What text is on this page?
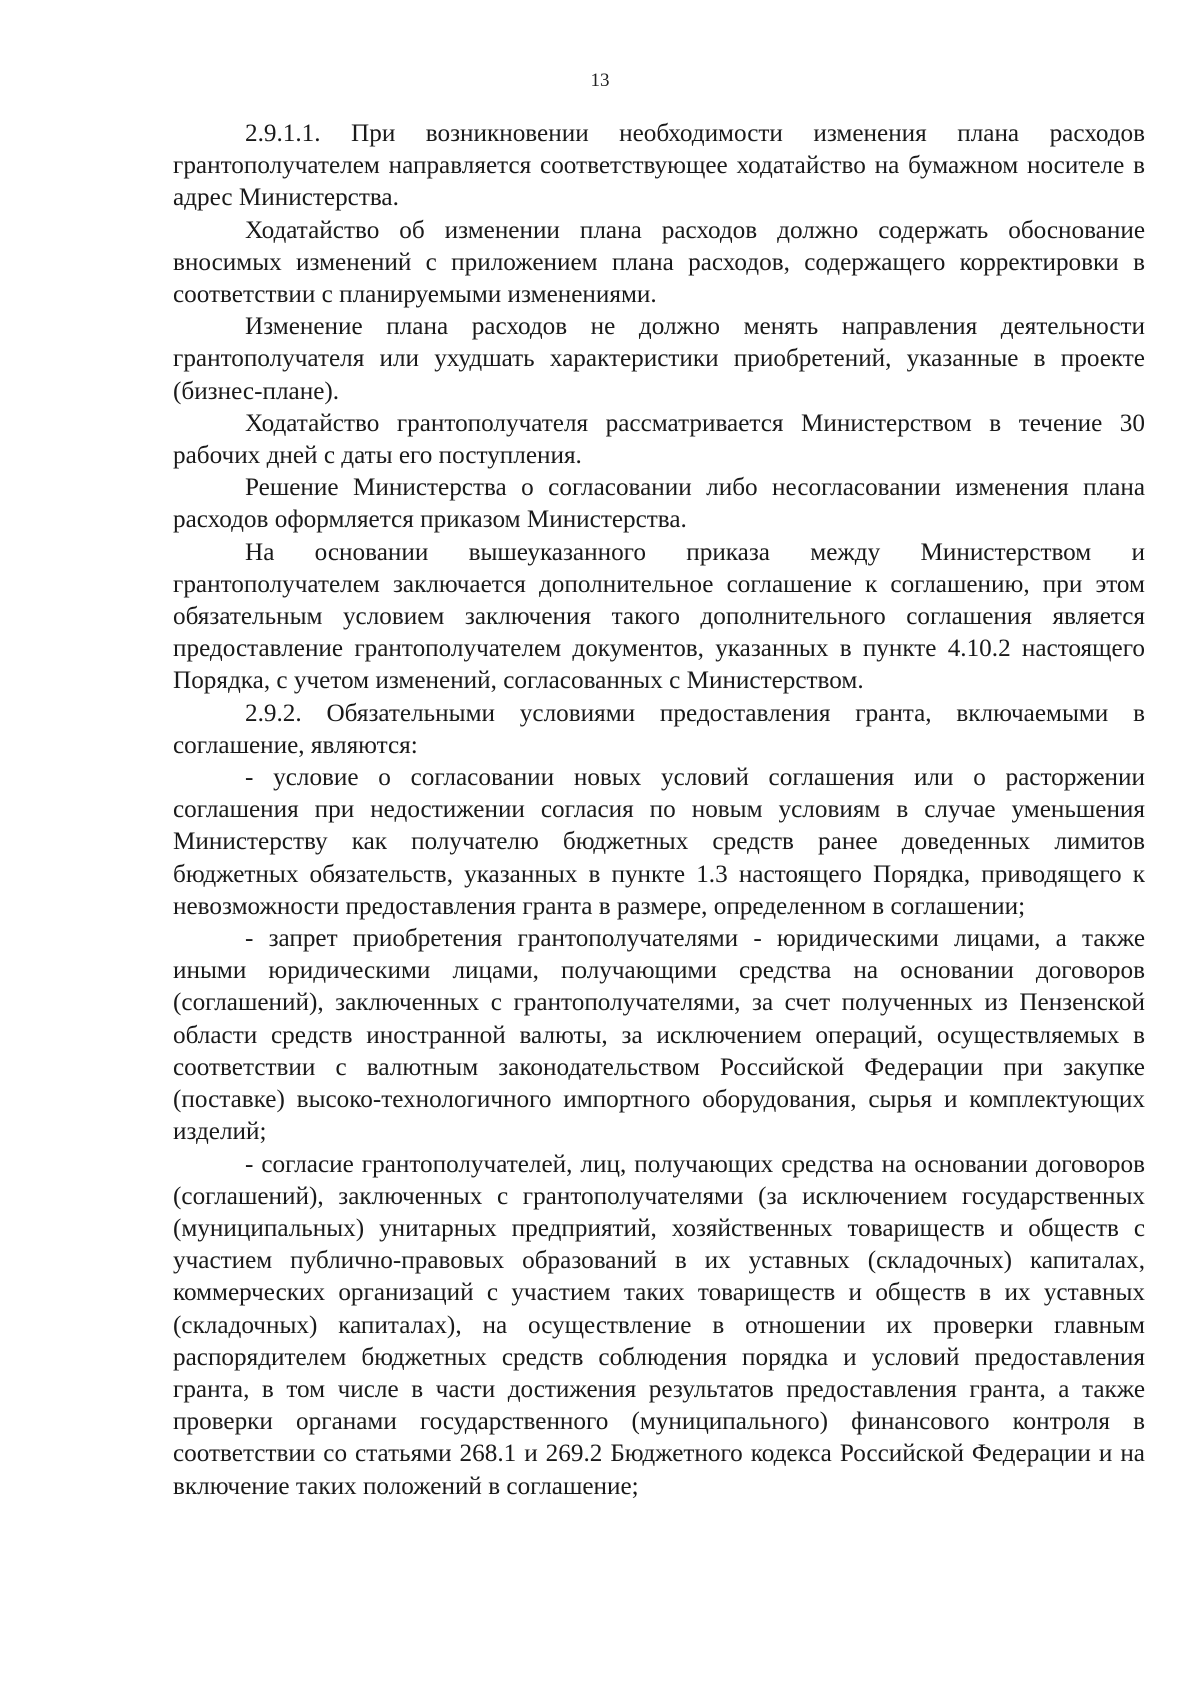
13

2.9.1.1. При возникновении необходимости изменения плана расходов грантополучателем направляется соответствующее ходатайство на бумажном носителе в адрес Министерства.

Ходатайство об изменении плана расходов должно содержать обоснование вносимых изменений с приложением плана расходов, содержащего корректировки в соответствии с планируемыми изменениями.

Изменение плана расходов не должно менять направления деятельности грантополучателя или ухудшать характеристики приобретений, указанные в проекте (бизнес-плане).

Ходатайство грантополучателя рассматривается Министерством в течение 30 рабочих дней с даты его поступления.

Решение Министерства о согласовании либо несогласовании изменения плана расходов оформляется приказом Министерства.

На основании вышеуказанного приказа между Министерством и грантополучателем заключается дополнительное соглашение к соглашению, при этом обязательным условием заключения такого дополнительного соглашения является предоставление грантополучателем документов, указанных в пункте 4.10.2 настоящего Порядка, с учетом изменений, согласованных с Министерством.

2.9.2. Обязательными условиями предоставления гранта, включаемыми в соглашение, являются:

- условие о согласовании новых условий соглашения или о расторжении соглашения при недостижении согласия по новым условиям в случае уменьшения Министерству как получателю бюджетных средств ранее доведенных лимитов бюджетных обязательств, указанных в пункте 1.3 настоящего Порядка, приводящего к невозможности предоставления гранта в размере, определенном в соглашении;

- запрет приобретения грантополучателями - юридическими лицами, а также иными юридическими лицами, получающими средства на основании договоров (соглашений), заключенных с грантополучателями, за счет полученных из Пензенской области средств иностранной валюты, за исключением операций, осуществляемых в соответствии с валютным законодательством Российской Федерации при закупке (поставке) высоко-технологичного импортного оборудования, сырья и комплектующих изделий;

- согласие грантополучателей, лиц, получающих средства на основании договоров (соглашений), заключенных с грантополучателями (за исключением государственных (муниципальных) унитарных предприятий, хозяйственных товариществ и обществ с участием публично-правовых образований в их уставных (складочных) капиталах, коммерческих организаций с участием таких товариществ и обществ в их уставных (складочных) капиталах), на осуществление в отношении их проверки главным распорядителем бюджетных средств соблюдения порядка и условий предоставления гранта, в том числе в части достижения результатов предоставления гранта, а также проверки органами государственного (муниципального) финансового контроля в соответствии со статьями 268.1 и 269.2 Бюджетного кодекса Российской Федерации и на включение таких положений в соглашение;
